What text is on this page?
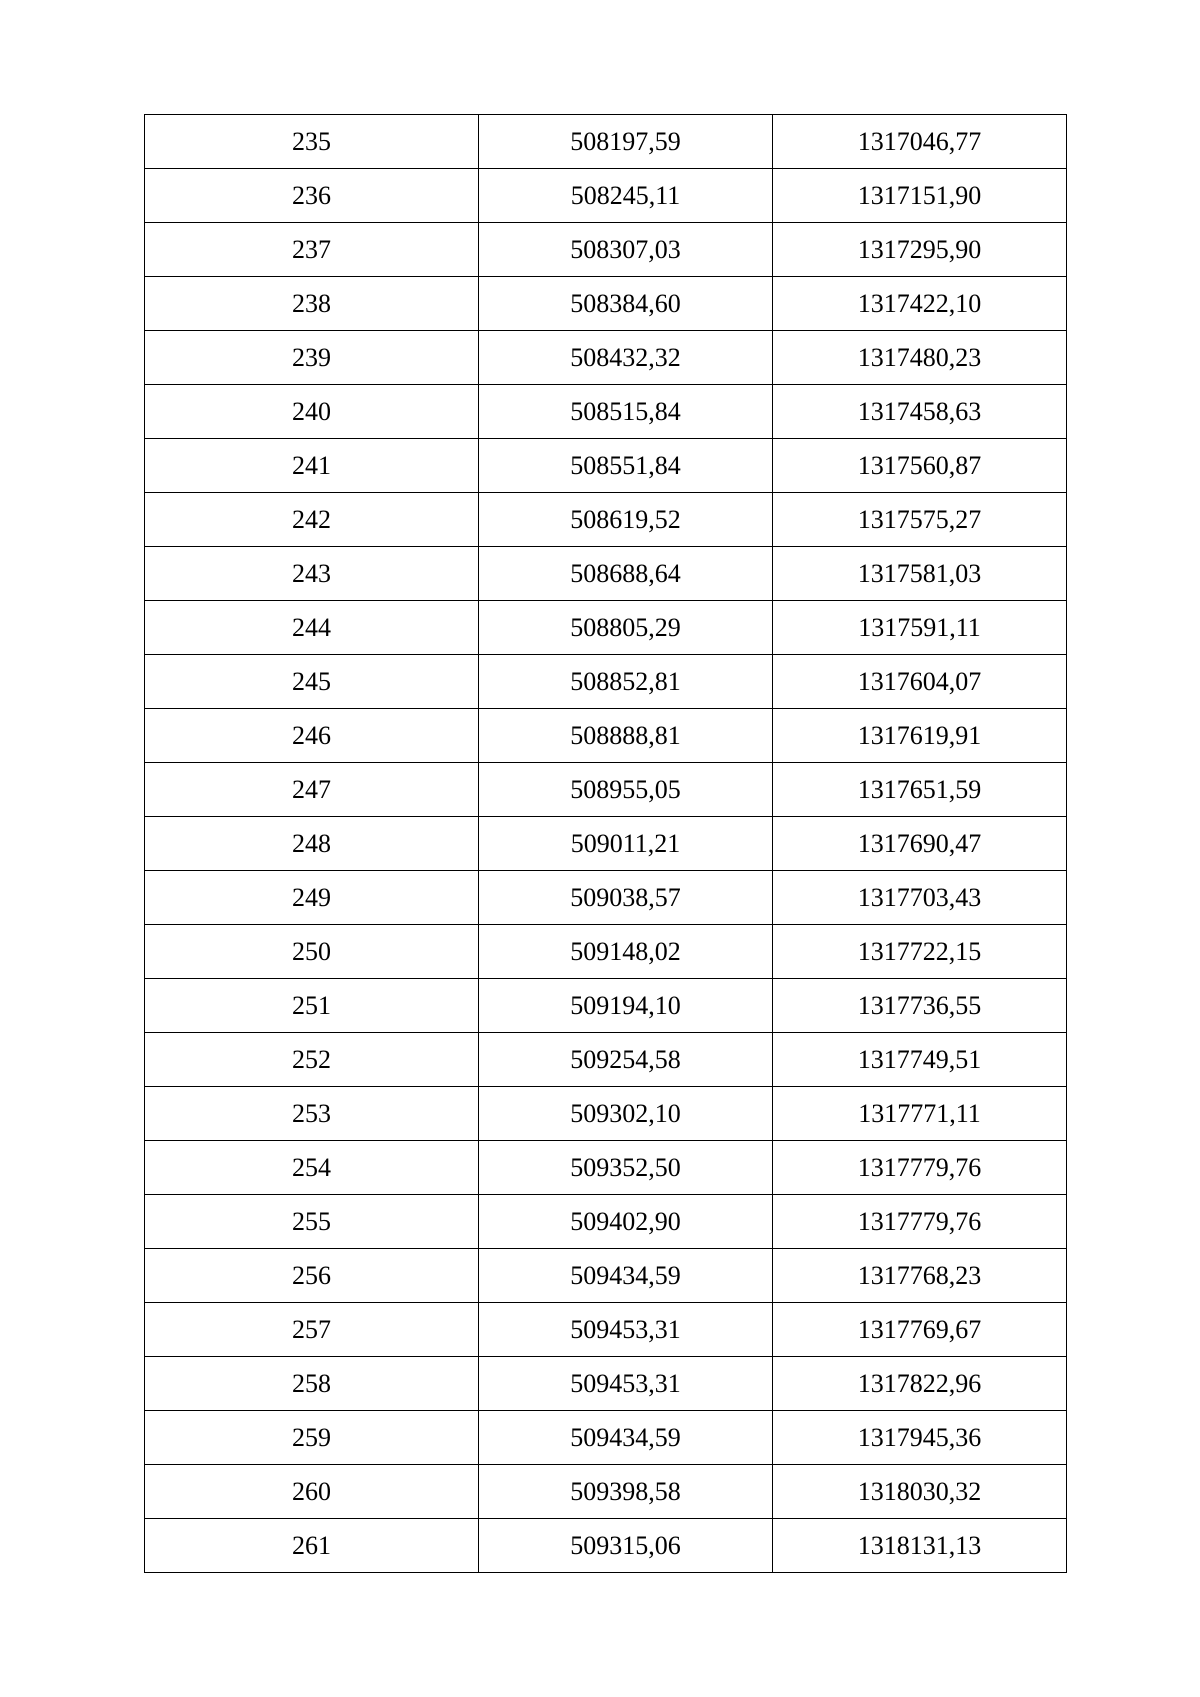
235	508197,59	1317046,77
236	508245,11	1317151,90
237	508307,03	1317295,90
238	508384,60	1317422,10
239	508432,32	1317480,23
240	508515,84	1317458,63
241	508551,84	1317560,87
242	508619,52	1317575,27
243	508688,64	1317581,03
244	508805,29	1317591,11
245	508852,81	1317604,07
246	508888,81	1317619,91
247	508955,05	1317651,59
248	509011,21	1317690,47
249	509038,57	1317703,43
250	509148,02	1317722,15
251	509194,10	1317736,55
252	509254,58	1317749,51
253	509302,10	1317771,11
254	509352,50	1317779,76
255	509402,90	1317779,76
256	509434,59	1317768,23
257	509453,31	1317769,67
258	509453,31	1317822,96
259	509434,59	1317945,36
260	509398,58	1318030,32
261	509315,06	1318131,13
